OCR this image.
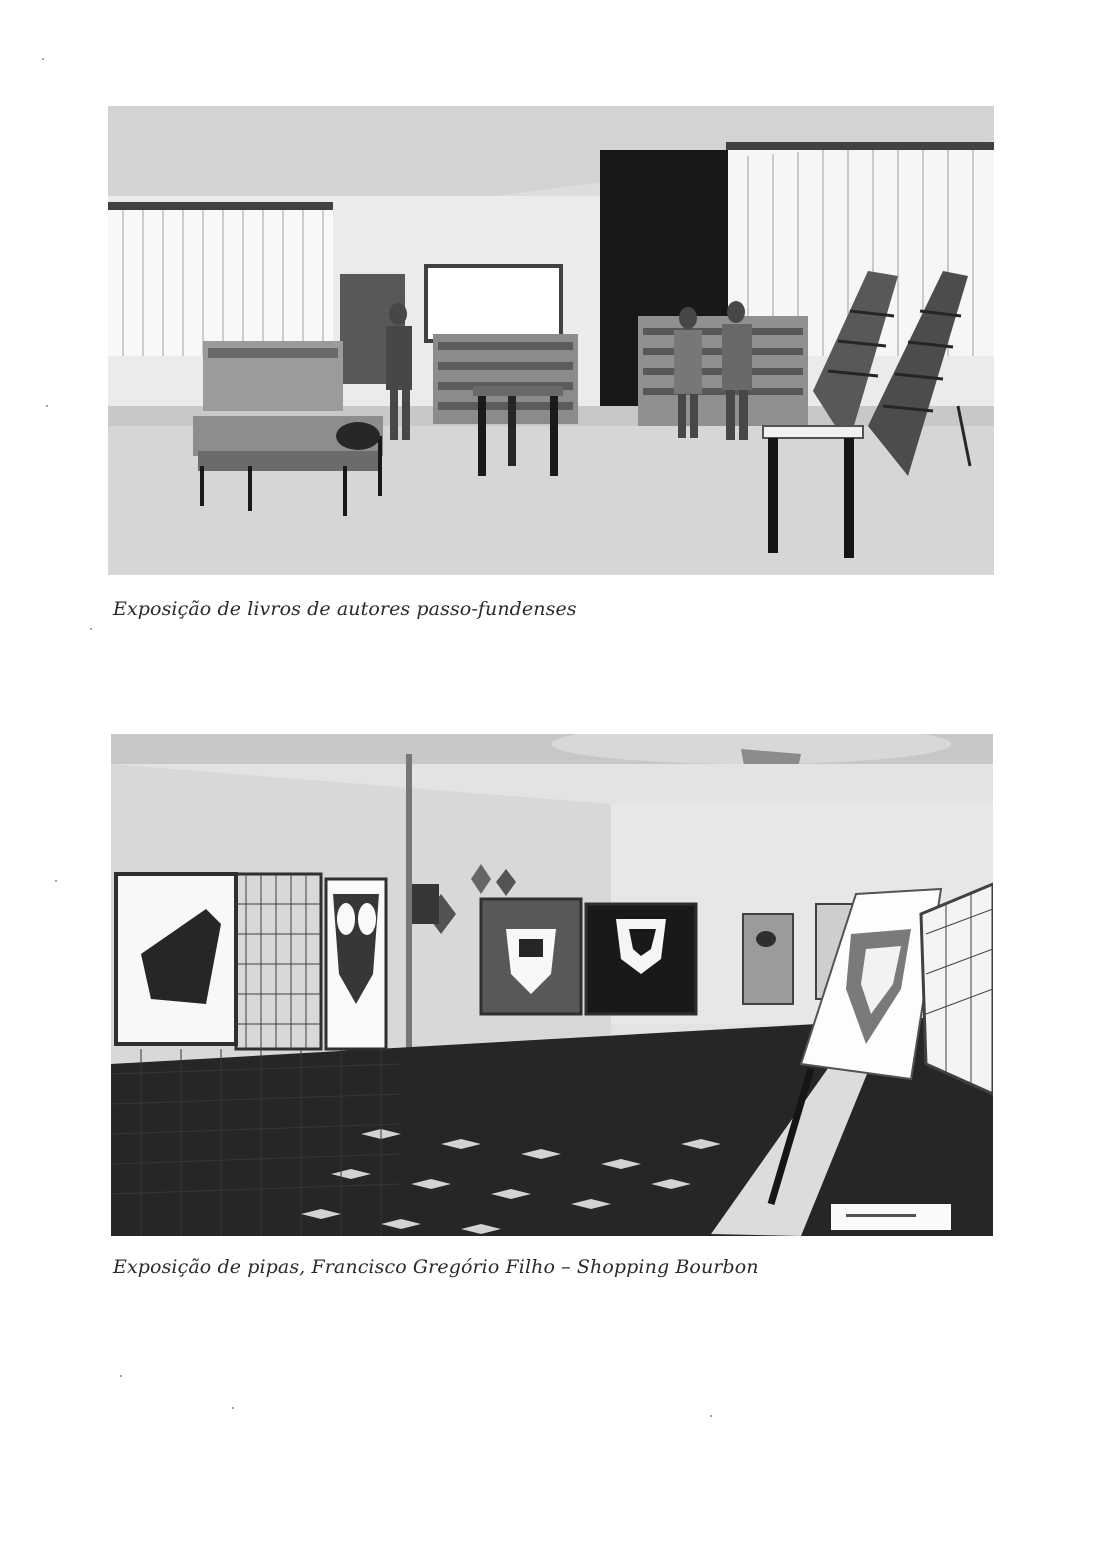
Exposição de livros de autores passo-fundenses
Exposição de pipas, Francisco Gregório Filho – Shopping Bourbon
